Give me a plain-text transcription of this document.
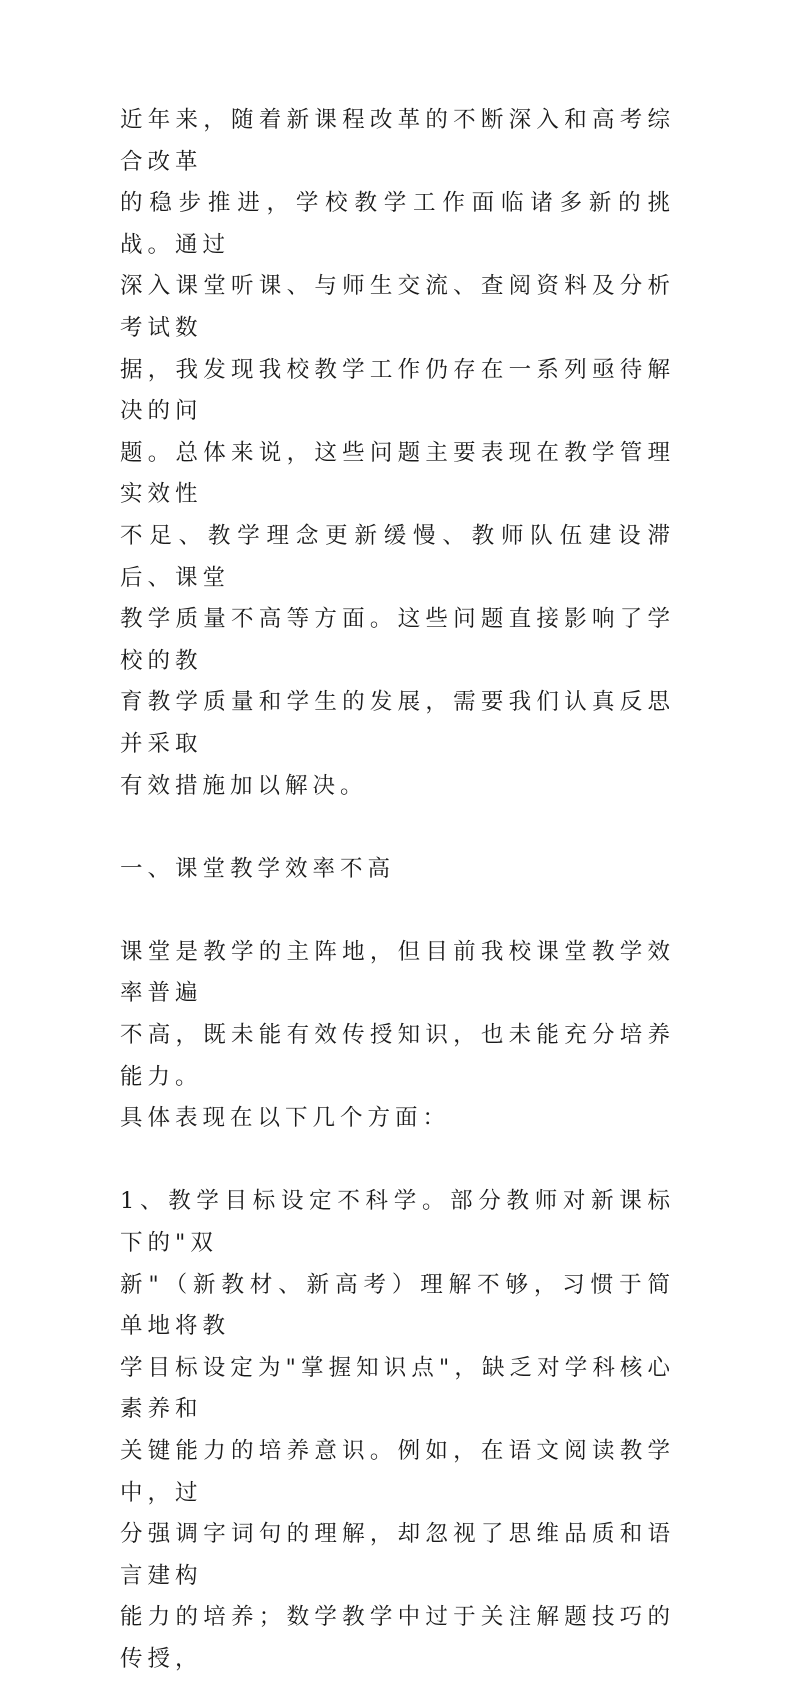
近年来，随着新课程改革的不断深入和高考综合改革
的稳步推进，学校教学工作面临诸多新的挑战。通过
深入课堂听课、与师生交流、查阅资料及分析考试数
据，我发现我校教学工作仍存在一系列亟待解决的问
题。总体来说，这些问题主要表现在教学管理实效性
不足、教学理念更新缓慢、教师队伍建设滞后、课堂
教学质量不高等方面。这些问题直接影响了学校的教
育教学质量和学生的发展，需要我们认真反思并采取
有效措施加以解决。
一、课堂教学效率不高
课堂是教学的主阵地，但目前我校课堂教学效率普遍
不高，既未能有效传授知识，也未能充分培养能力。
具体表现在以下几个方面：
1、教学目标设定不科学。部分教师对新课标下的"双
新"（新教材、新高考）理解不够，习惯于简单地将教
学目标设定为"掌握知识点"，缺乏对学科核心素养和
关键能力的培养意识。例如，在语文阅读教学中，过
分强调字词句的理解，却忽视了思维品质和语言建构
能力的培养；数学教学中过于关注解题技巧的传授，
